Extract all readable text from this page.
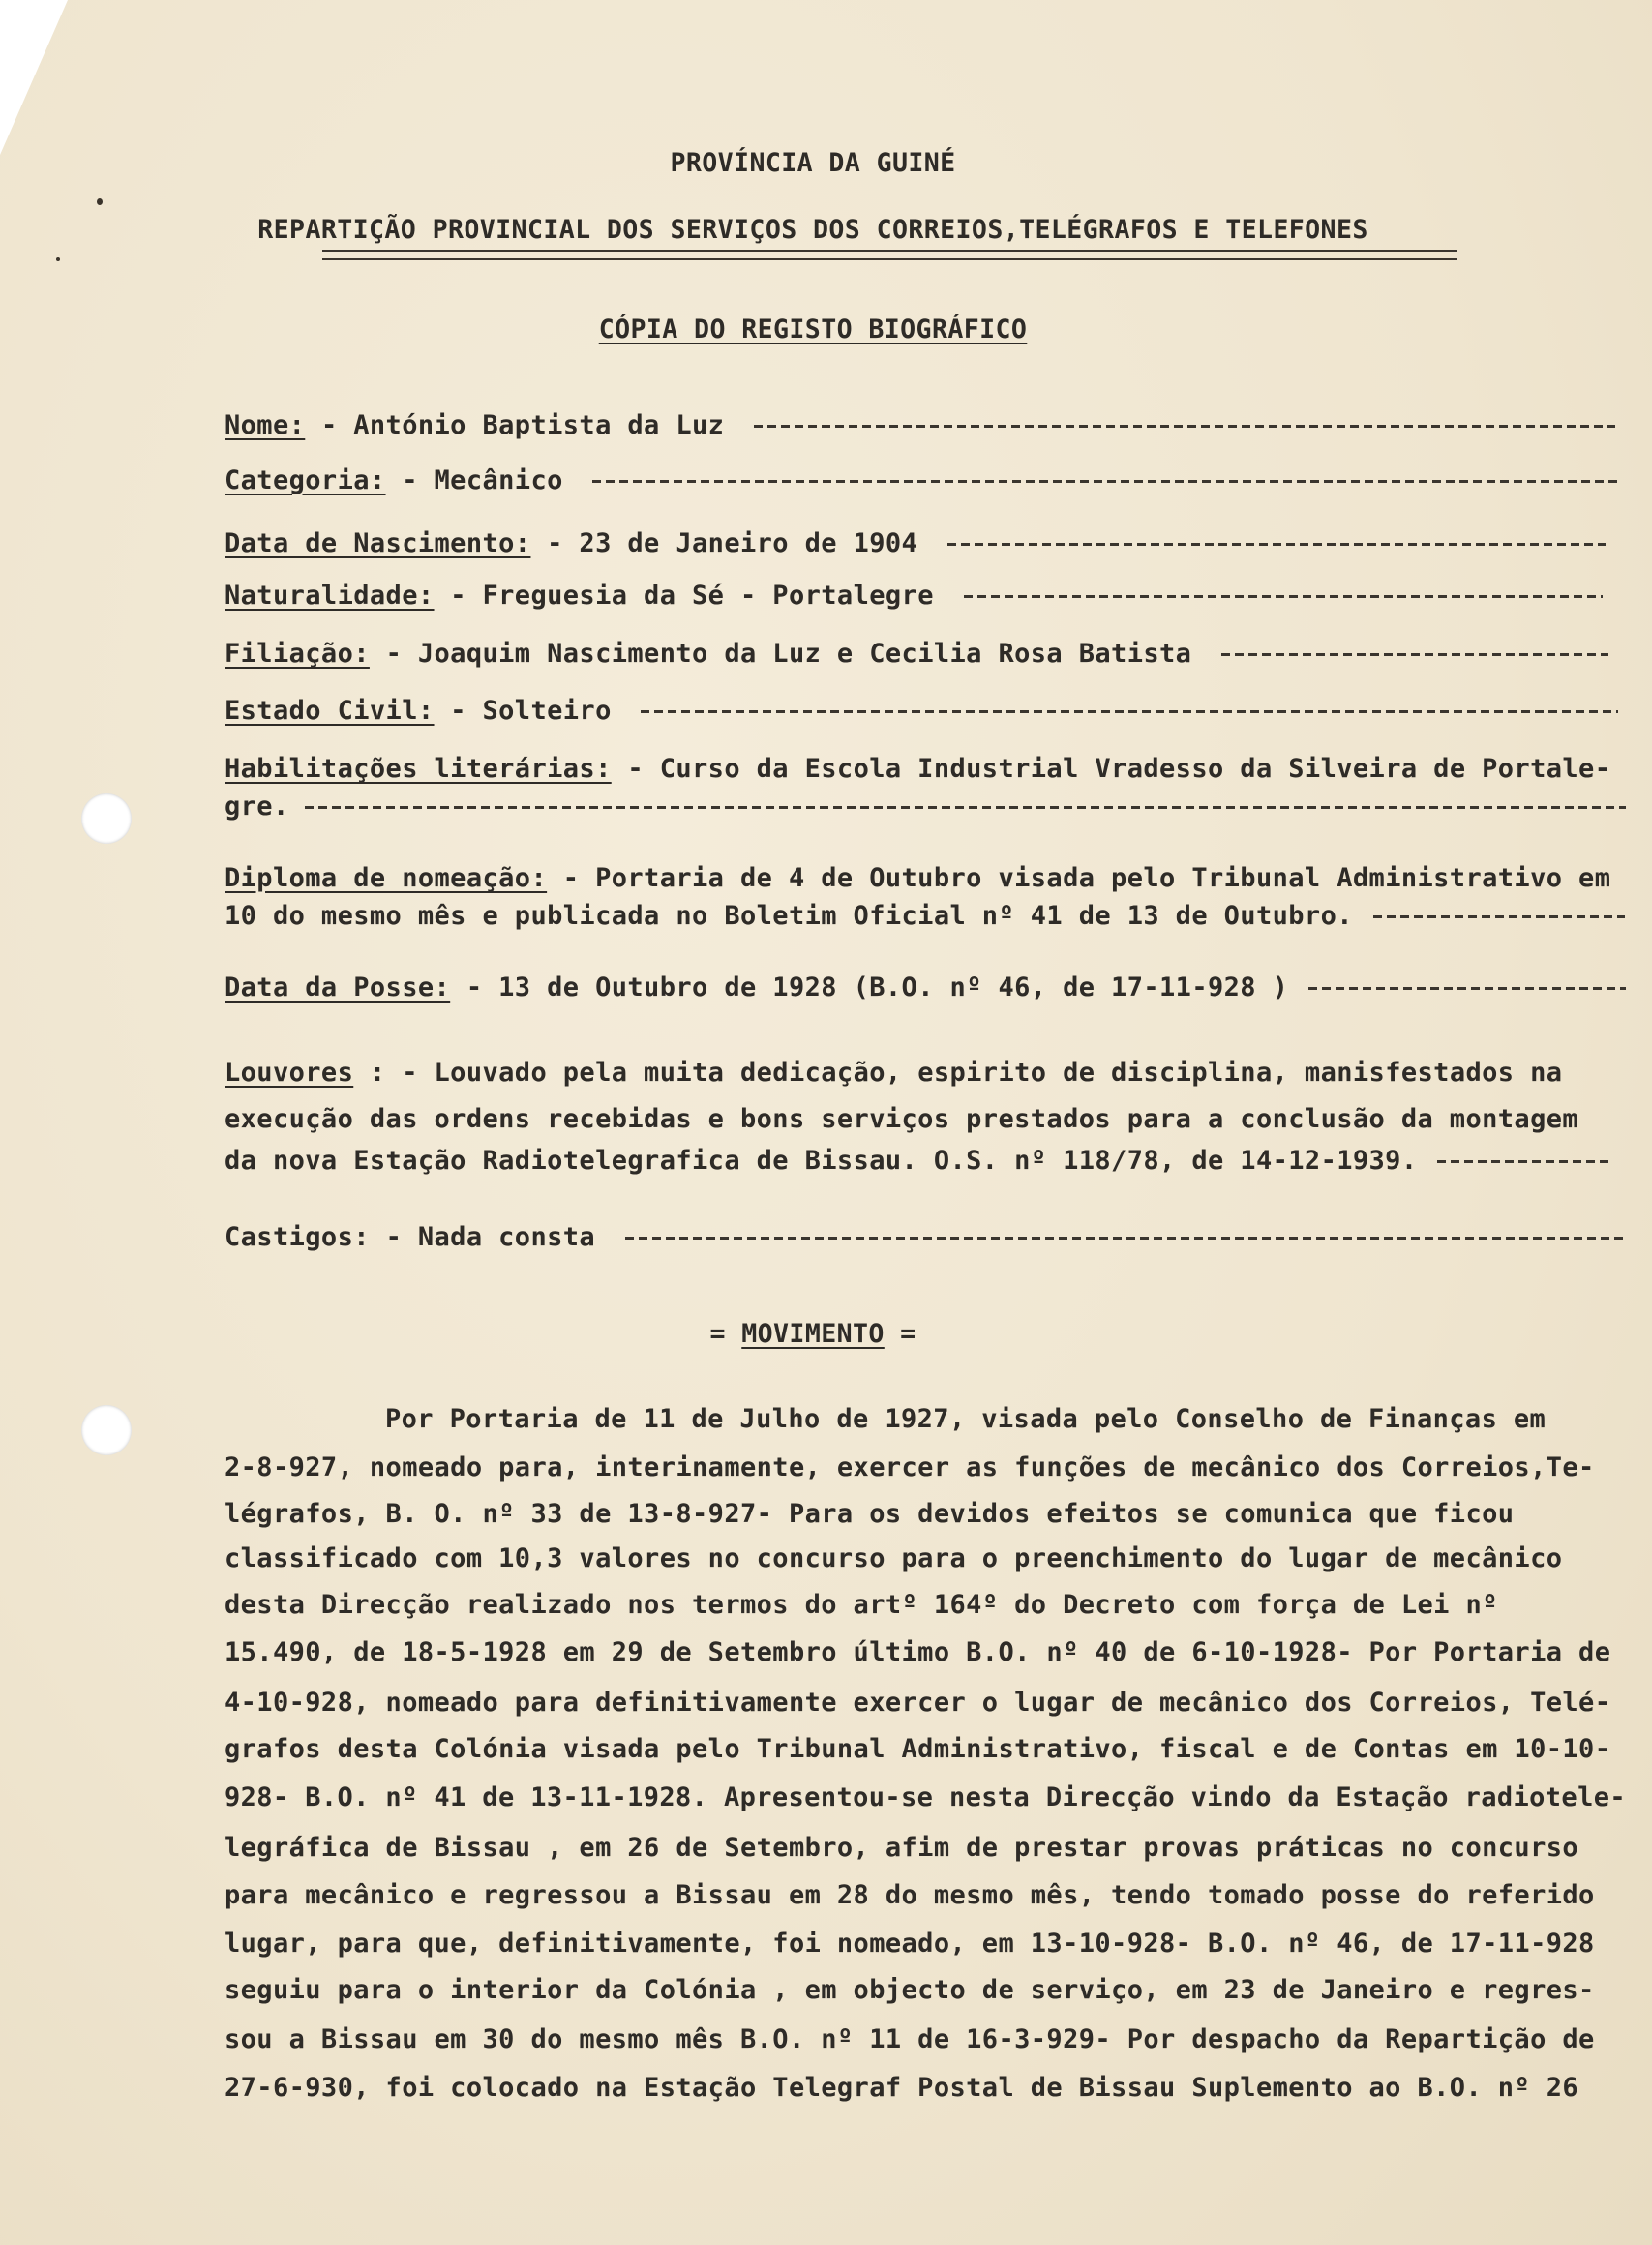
PROVÍNCIA DA GUINÉ
REPARTIÇÃO PROVINCIAL DOS SERVIÇOS DOS CORREIOS,TELÉGRAFOS E TELEFONES
CÓPIA DO REGISTO BIOGRÁFICO
Nome: - António Baptista da Luz
Categoria: - Mecânico
Data de Nascimento: - 23 de Janeiro de 1904
Naturalidade: - Freguesia da Sé - Portalegre
Filiação: - Joaquim Nascimento da Luz e Cecilia Rosa Batista
Estado Civil: - Solteiro
Habilitações literárias: - Curso da Escola Industrial Vradesso da Silveira de Portale-
gre.
Diploma de nomeação: - Portaria de 4 de Outubro visada pelo Tribunal Administrativo em
10 do mesmo mês e publicada no Boletim Oficial nº 41 de 13 de Outubro.
Data da Posse: - 13 de Outubro de 1928 (B.O. nº 46, de 17-11-928 )
Louvores : - Louvado pela muita dedicação, espirito de disciplina, manisfestados na
execução das ordens recebidas e bons serviços prestados para a conclusão da montagem
da nova Estação Radiotelegrafica de Bissau. O.S. nº 118/78, de 14-12-1939.
Castigos: - Nada consta
= MOVIMENTO =
Por Portaria de 11 de Julho de 1927, visada pelo Conselho de Finanças em
2-8-927, nomeado para, interinamente, exercer as funções de mecânico dos Correios,Te-
légrafos, B. O. nº 33 de 13-8-927- Para os devidos efeitos se comunica que ficou
classificado com 10,3 valores no concurso para o preenchimento do lugar de mecânico
desta Direcção realizado nos termos do artº 164º do Decreto com força de Lei nº
15.490, de 18-5-1928 em 29 de Setembro último B.O. nº 40 de 6-10-1928- Por Portaria de
4-10-928, nomeado para definitivamente exercer o lugar de mecânico dos Correios, Telé-
grafos desta Colónia visada pelo Tribunal Administrativo, fiscal e de Contas em 10-10-
928- B.O. nº 41 de 13-11-1928. Apresentou-se nesta Direcção vindo da Estação radiotele-
legráfica de Bissau , em 26 de Setembro, afim de prestar provas práticas no concurso
para mecânico e regressou a Bissau em 28 do mesmo mês, tendo tomado posse do referido
lugar, para que, definitivamente, foi nomeado, em 13-10-928- B.O. nº 46, de 17-11-928
seguiu para o interior da Colónia , em objecto de serviço, em 23 de Janeiro e regres-
sou a Bissau em 30 do mesmo mês B.O. nº 11 de 16-3-929- Por despacho da Repartição de
27-6-930, foi colocado na Estação Telegraf Postal de Bissau Suplemento ao B.O. nº 26
